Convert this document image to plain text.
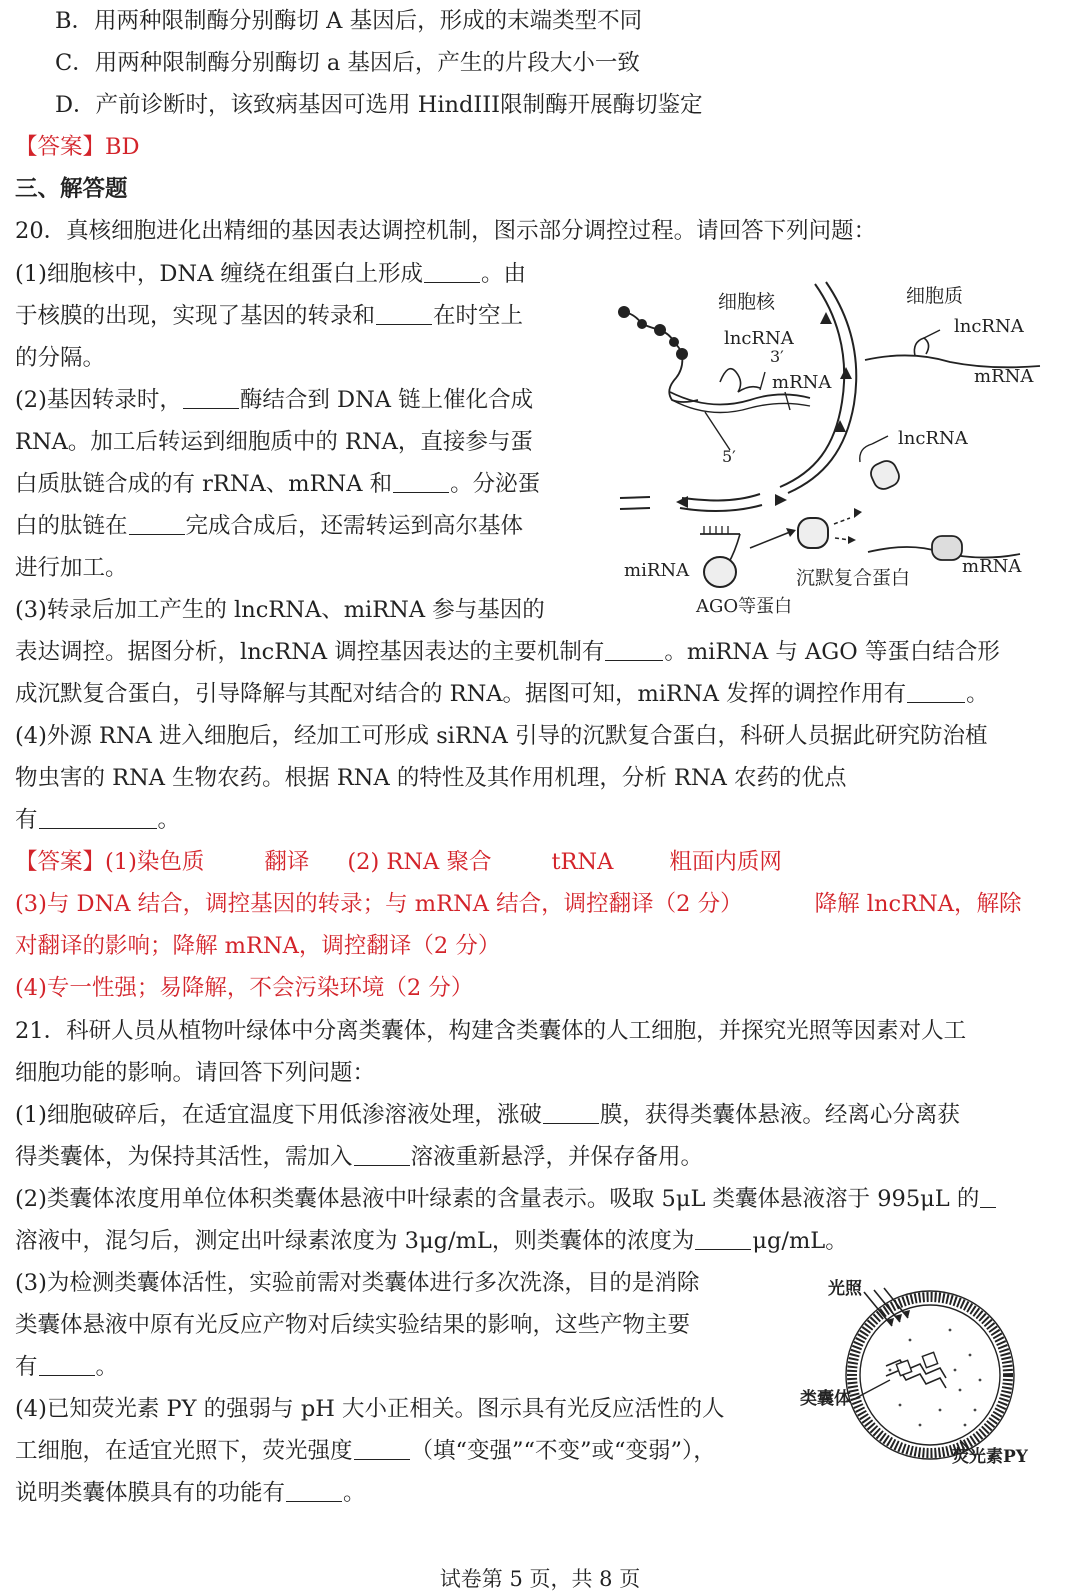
B．用两种限制酶分别酶切 A 基因后，形成的末端类型不同
C．用两种限制酶分别酶切 a 基因后，产生的片段大小一致
D．产前诊断时，该致病基因可选用 HindIII限制酶开展酶切鉴定
【答案】BD
三、解答题
20．真核细胞进化出精细的基因表达调控机制，图示部分调控过程。请回答下列问题：
(1)细胞核中，DNA 缠绕在组蛋白上形成	。由
于核膜的出现，实现了基因的转录和	在时空上
的分隔。
(2)基因转录时，	酶结合到 DNA 链上催化合成
RNA。加工后转运到细胞质中的 RNA，直接参与蛋
白质肽链合成的有 rRNA、mRNA 和	。分泌蛋
白的肽链在	完成合成后，还需转运到高尔基体
进行加工。
(3)转录后加工产生的 lncRNA、miRNA 参与基因的
表达调控。据图分析，lncRNA 调控基因表达的主要机制有	。miRNA 与 AGO 等蛋白结合形
成沉默复合蛋白，引导降解与其配对结合的 RNA。据图可知，miRNA 发挥的调控作用有	。
(4)外源 RNA 进入细胞后，经加工可形成 siRNA 引导的沉默复合蛋白，科研人员据此研究防治植
物虫害的 RNA 生物农药。根据 RNA 的特性及其作用机理，分析 RNA 农药的优点
有	。
【答案】(1)染色质	翻译 (2) RNA 聚合	tRNA 粗面内质网
(3)与 DNA 结合，调控基因的转录；与 mRNA 结合，调控翻译（2 分）	降解 lncRNA，解除
对翻译的影响；降解 mRNA，调控翻译（2 分）
(4)专一性强；易降解，不会污染环境（2 分）
细胞核	细胞质
lncRNA
3′
mRNA
5′
lncRNA
mRNA
lncRNA
miRNA
AGO等蛋白
沉默复合蛋白
mRNA
21．科研人员从植物叶绿体中分离类囊体，构建含类囊体的人工细胞，并探究光照等因素对人工
细胞功能的影响。请回答下列问题：
(1)细胞破碎后，在适宜温度下用低渗溶液处理，涨破	膜，获得类囊体悬液。经离心分离获
得类囊体，为保持其活性，需加入	溶液重新悬浮，并保存备用。
(2)类囊体浓度用单位体积类囊体悬液中叶绿素的含量表示。吸取 5μL 类囊体悬液溶于 995μL 的
溶液中，混匀后，测定出叶绿素浓度为 3μg/mL，则类囊体的浓度为	μg/mL。
(3)为检测类囊体活性，实验前需对类囊体进行多次洗涤，目的是消除
类囊体悬液中原有光反应产物对后续实验结果的影响，这些产物主要
有	。
(4)已知荧光素 PY 的强弱与 pH 大小正相关。图示具有光反应活性的人
工细胞，在适宜光照下，荧光强度	（填“变强”“不变”或“变弱”），
说明类囊体膜具有的功能有	。
光照
类囊体
荧光素PY
试卷第 5 页，共 8 页
